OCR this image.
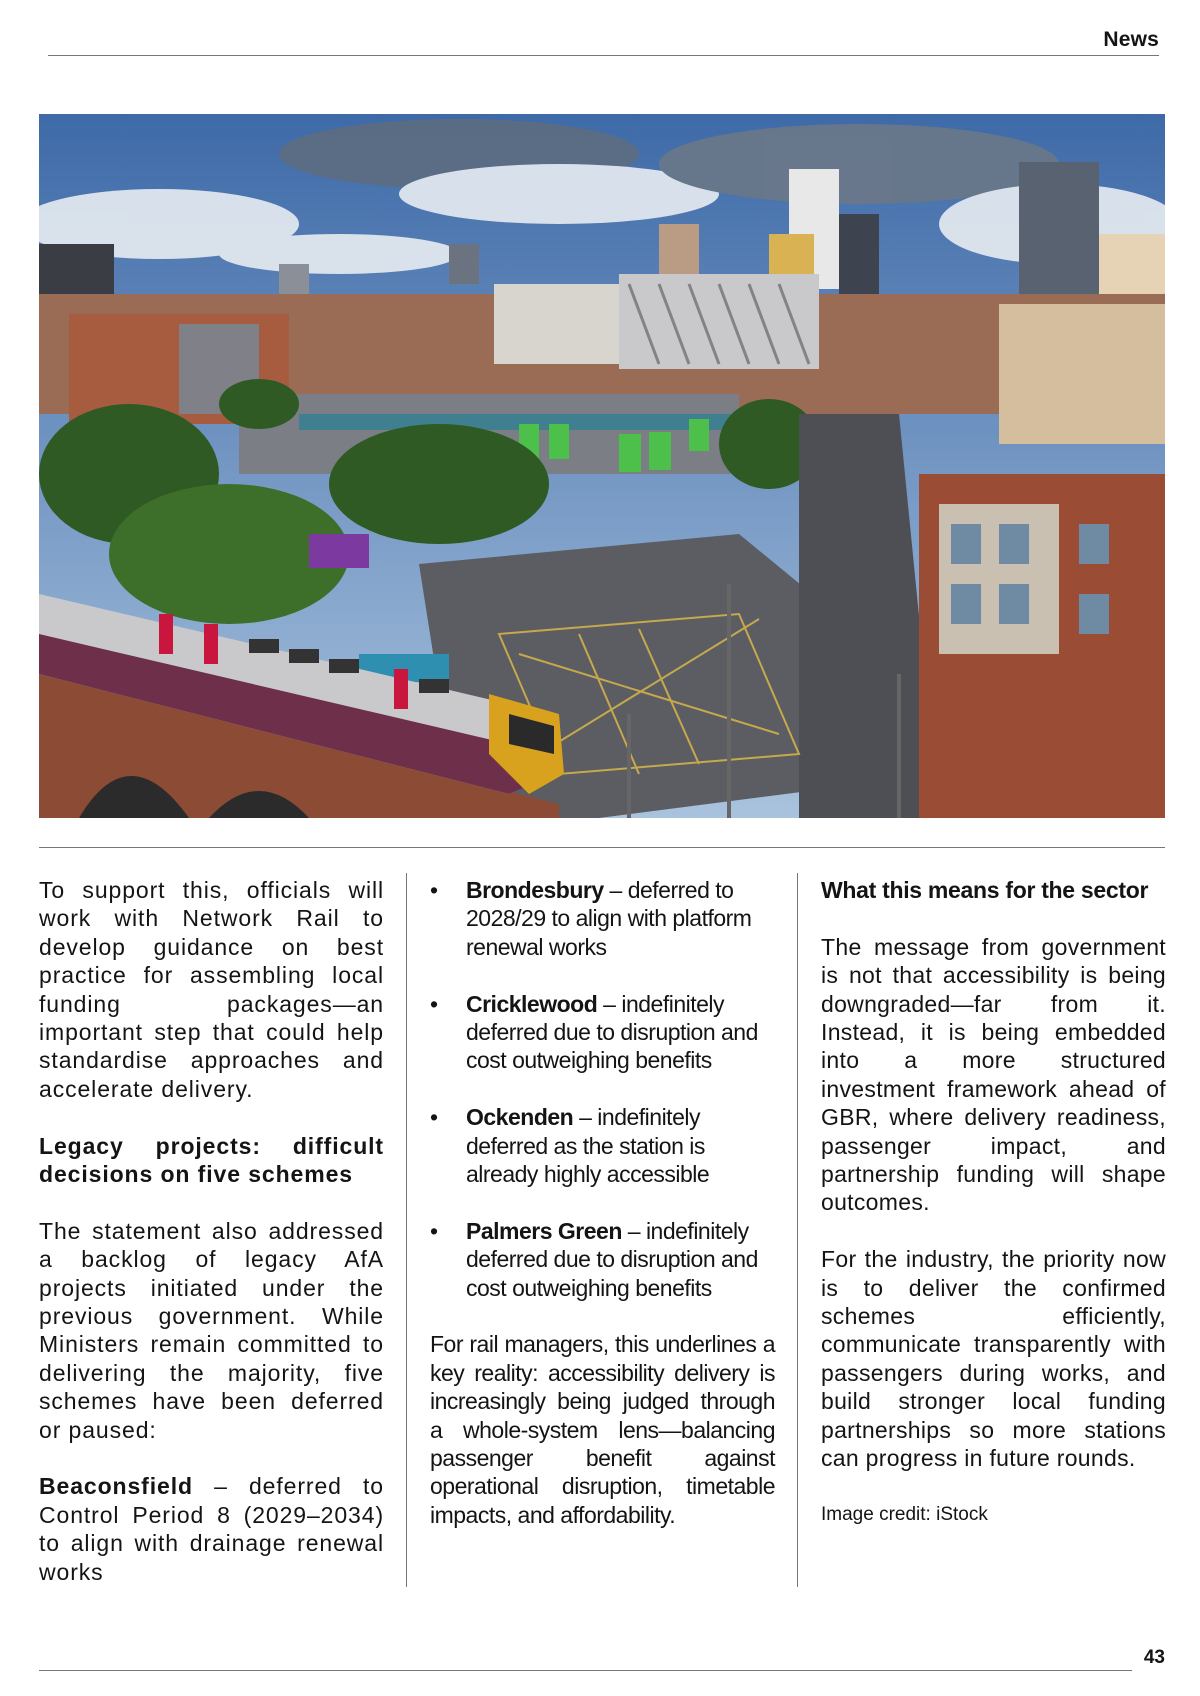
News

To support this, officials will work with Network Rail to develop guidance on best practice for assembling local funding packages—an important step that could help standardise approaches and accelerate delivery.

Legacy projects: difficult decisions on five schemes

The statement also addressed a backlog of legacy AfA projects initiated under the previous government. While Ministers remain committed to delivering the majority, five schemes have been deferred or paused:

Beaconsfield – deferred to Control Period 8 (2029–2034) to align with drainage renewal works

• Brondesbury – deferred to 2028/29 to align with platform renewal works
• Cricklewood – indefinitely deferred due to disruption and cost outweighing benefits
• Ockenden – indefinitely deferred as the station is already highly accessible
• Palmers Green – indefinitely deferred due to disruption and cost outweighing benefits

For rail managers, this underlines a key reality: accessibility delivery is increasingly being judged through a whole-system lens—balancing passenger benefit against operational disruption, timetable impacts, and affordability.

What this means for the sector

The message from government is not that accessibility is being downgraded—far from it. Instead, it is being embedded into a more structured investment framework ahead of GBR, where delivery readiness, passenger impact, and partnership funding will shape outcomes.

For the industry, the priority now is to deliver the confirmed schemes efficiently, communicate transparently with passengers during works, and build stronger local funding partnerships so more stations can progress in future rounds.

Image credit: iStock

43
